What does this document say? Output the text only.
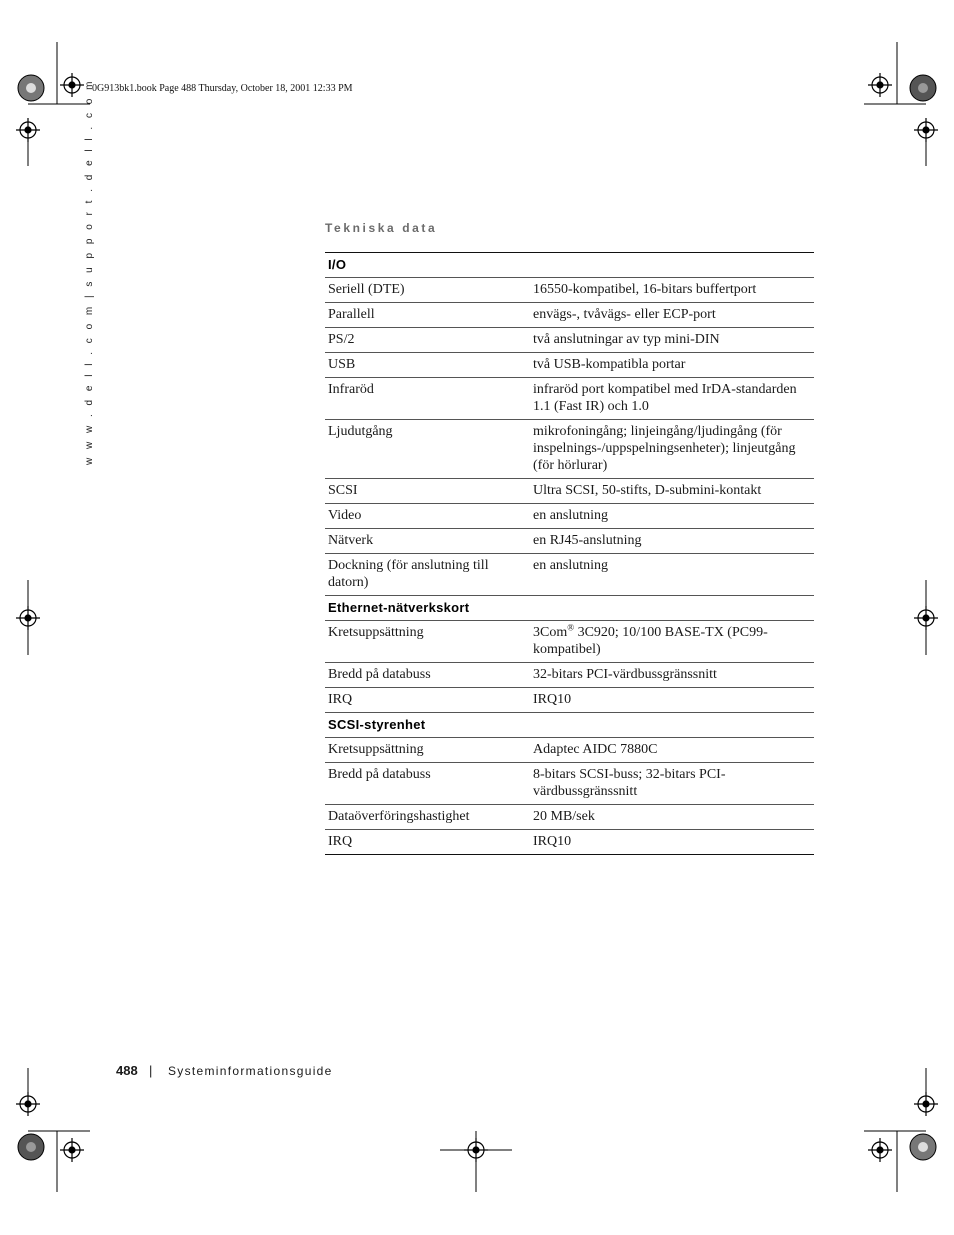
0G913bk1.book Page 488 Thursday, October 18, 2001 12:33 PM
w w w . d e l l . c o m | s u p p o r t . d e l l . c o m	Tekniska data
I/O	
Seriell (DTE)	16550-kompatibel, 16-bitars buffertport
Parallell	envägs-, tvåvägs- eller ECP-port
PS/2	två anslutningar av typ mini-DIN
USB	två USB-kompatibla portar
Infraröd	infraröd port kompatibel med IrDA-standarden 1.1 (Fast IR) och 1.0
Ljudutgång	mikrofoningång; linjeingång/ljudingång (för inspelnings-/uppspelningsenheter); linjeutgång (för hörlurar)
SCSI	Ultra SCSI, 50-stifts, D-submini-kontakt
Video	en anslutning
Nätverk	en RJ45-anslutning
Dockning (för anslutning till datorn)	en anslutning
Ethernet-nätverkskort	
Kretsuppsättning	3Com® 3C920; 10/100 BASE-TX (PC99-kompatibel)
Bredd på databuss	32-bitars PCI-värdbussgränssnitt
IRQ	IRQ10
SCSI-styrenhet	
Kretsuppsättning	Adaptec AIDC 7880C
Bredd på databuss	8-bitars SCSI-buss; 32-bitars PCI-värdbussgränssnitt
Dataöverföringshastighet	20 MB/sek
IRQ	IRQ10
488 | Systeminformationsguide
